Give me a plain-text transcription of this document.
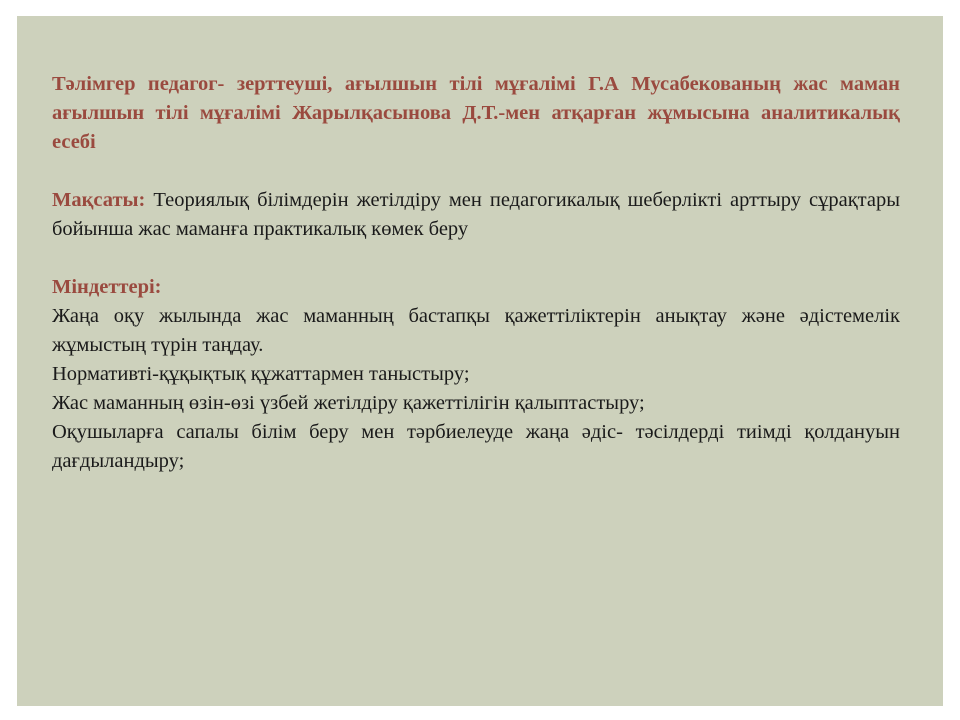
Тәлімгер педагог- зерттеуші, ағылшын тілі мұғалімі Г.А Мусабекованың жас маман ағылшын тілі мұғалімі Жарылқасынова Д.Т.-мен атқарған жұмысына аналитикалық есебі

Мақсаты: Теориялық білімдерін жетілдіру мен педагогикалық шеберлікті арттыру сұрақтары бойынша жас маманға практикалық көмек беру

Міндеттері:

Жаңа оқу жылында жас маманның бастапқы қажеттіліктерін анықтау және әдістемелік жұмыстың түрін таңдау.

Нормативті-құқықтық құжаттармен таныстыру;

Жас маманның өзін-өзі үзбей жетілдіру қажеттілігін қалыптастыру;

Оқушыларға сапалы білім беру мен тәрбиелеуде жаңа әдіс- тәсілдерді тиімді қолдануын дағдыландыру;
